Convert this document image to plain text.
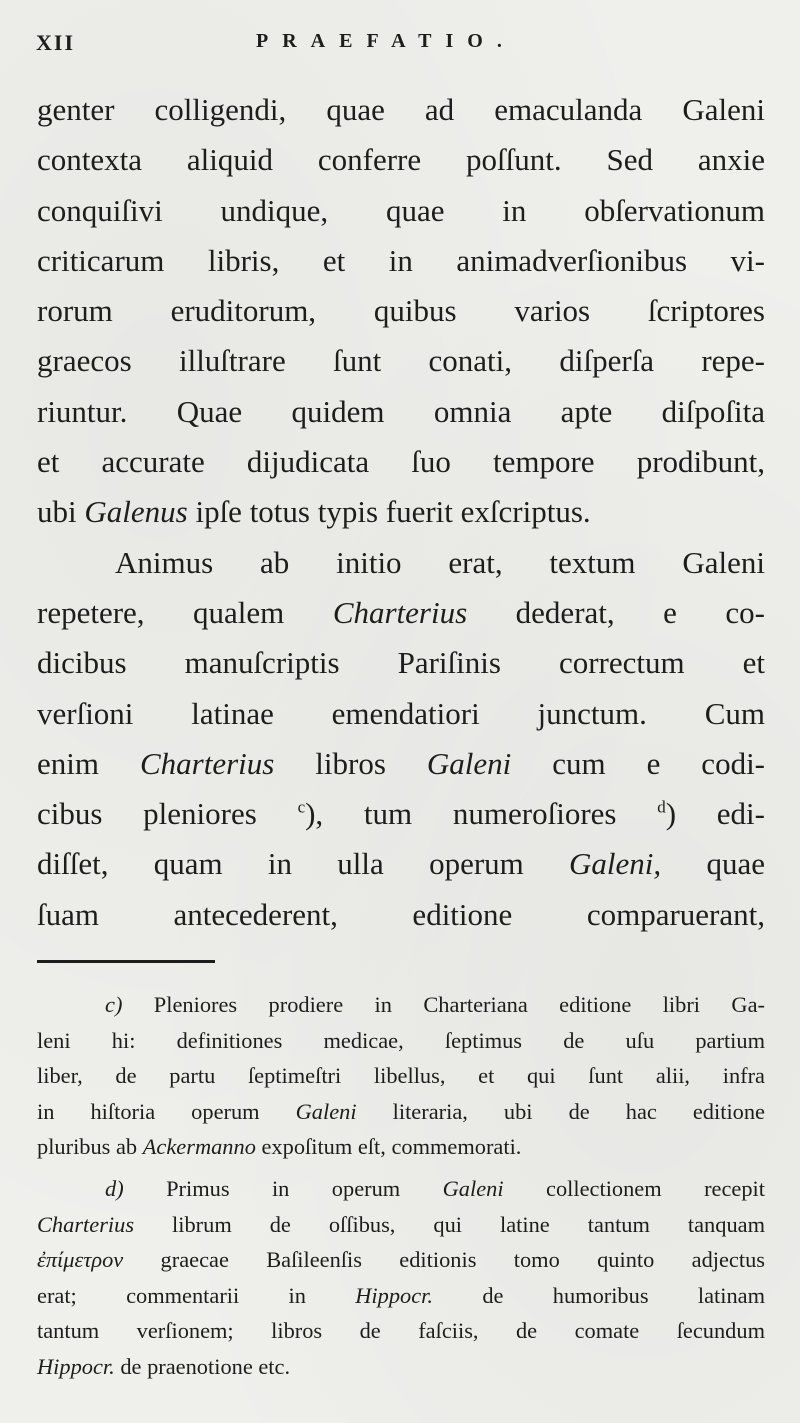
XII	PRAEFATIO.
genter colligendi, quae ad emaculanda Galeni
contexta aliquid conferre poſſunt. Sed anxie
conquiſivi undique, quae in obſervationum
criticarum libris, et in animadverſionibus vi-
rorum eruditorum, quibus varios ſcriptores
graecos illuſtrare ſunt conati, diſperſa repe-
riuntur. Quae quidem omnia apte diſpoſita
et accurate dijudicata ſuo tempore prodibunt,
ubi Galenus ipſe totus typis fuerit exſcriptus.
Animus ab initio erat, textum Galeni
repetere, qualem Charterius dederat, e co-
dicibus manuſcriptis Pariſinis correctum et
verſioni latinae emendatiori junctum. Cum
enim Charterius libros Galeni cum e codi-
cibus pleniores $^c$), tum numeroſiores $^d$) edi-
diſſet, quam in ulla operum Galeni, quae
ſuam antecederent, editione comparuerant,
c) Pleniores prodiere in Charteriana editione libri Ga-
leni hi: definitiones medicae, ſeptimus de uſu partium
liber, de partu ſeptimeſtri libellus, et qui ſunt alii, infra
in hiſtoria operum Galeni literaria, ubi de hac editione
pluribus ab Ackermanno expoſitum eſt, commemorati.
d) Primus in operum Galeni collectionem recepit
Charterius librum de oſſibus, qui latine tantum tanquam
ἐπίμετρον graecae Baſileenſis editionis tomo quinto adjectus
erat; commentarii in Hippocr. de humoribus latinam
tantum verſionem; libros de faſciis, de comate ſecundum
Hippocr. de praenotione etc.
